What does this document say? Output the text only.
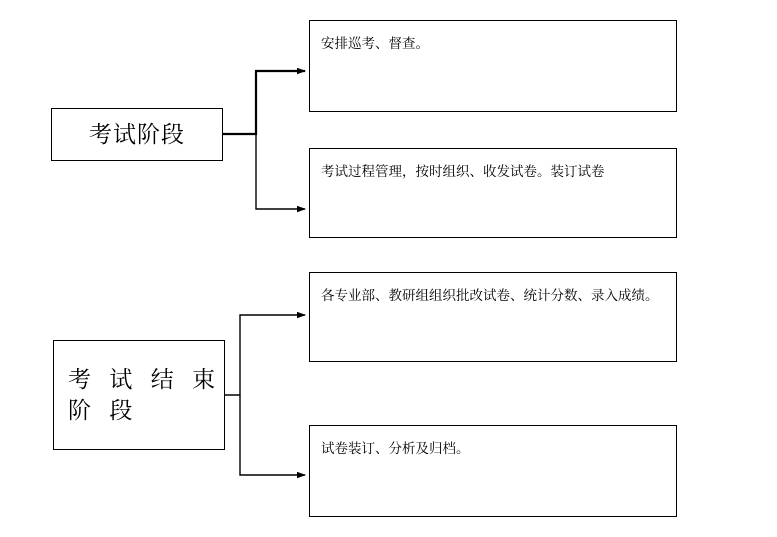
考试阶段
考 试 结 束
阶 段
安排巡考、督查。
考试过程管理，按时组织、收发试卷。装订试卷
各专业部、教研组组织批改试卷、统计分数、录入成绩。
试卷装订、分析及归档。
